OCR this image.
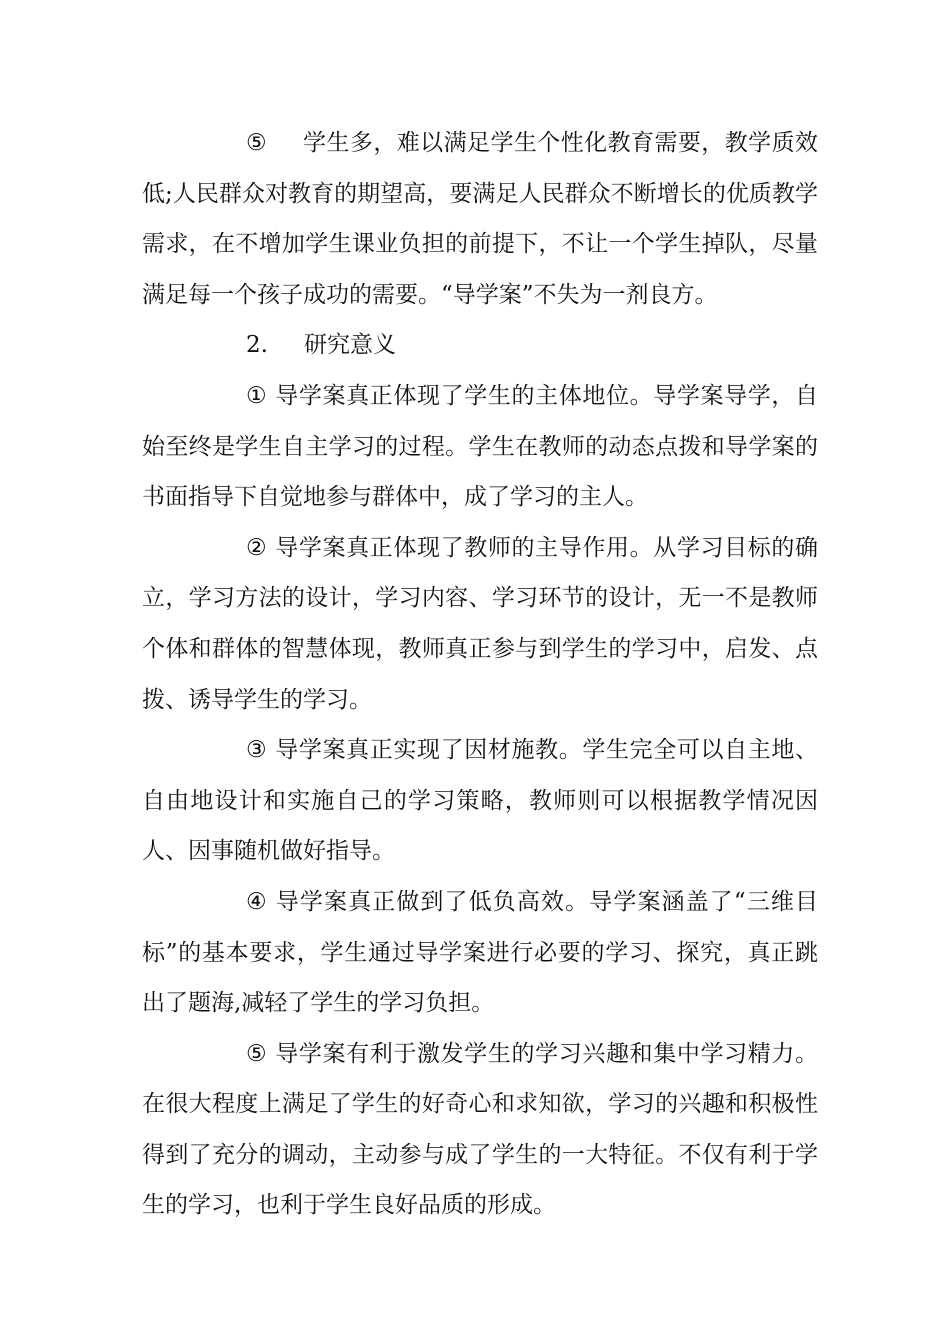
⑤ 学生多，难以满足学生个性化教育需要，教学质效低;人民群众对教育的期望高，要满足人民群众不断增长的优质教学需求，在不增加学生课业负担的前提下，不让一个学生掉队，尽量满足每一个孩子成功的需要。“导学案”不失为一剂良方。

2. 研究意义

① 导学案真正体现了学生的主体地位。导学案导学，自始至终是学生自主学习的过程。学生在教师的动态点拨和导学案的书面指导下自觉地参与群体中，成了学习的主人。

② 导学案真正体现了教师的主导作用。从学习目标的确立，学习方法的设计，学习内容、学习环节的设计，无一不是教师个体和群体的智慧体现，教师真正参与到学生的学习中，启发、点拨、诱导学生的学习。

③ 导学案真正实现了因材施教。学生完全可以自主地、自由地设计和实施自己的学习策略，教师则可以根据教学情况因人、因事随机做好指导。

④ 导学案真正做到了低负高效。导学案涵盖了“三维目标”的基本要求，学生通过导学案进行必要的学习、探究，真正跳出了题海,减轻了学生的学习负担。

⑤ 导学案有利于激发学生的学习兴趣和集中学习精力。在很大程度上满足了学生的好奇心和求知欲，学习的兴趣和积极性得到了充分的调动，主动参与成了学生的一大特征。不仅有利于学生的学习，也利于学生良好品质的形成。
